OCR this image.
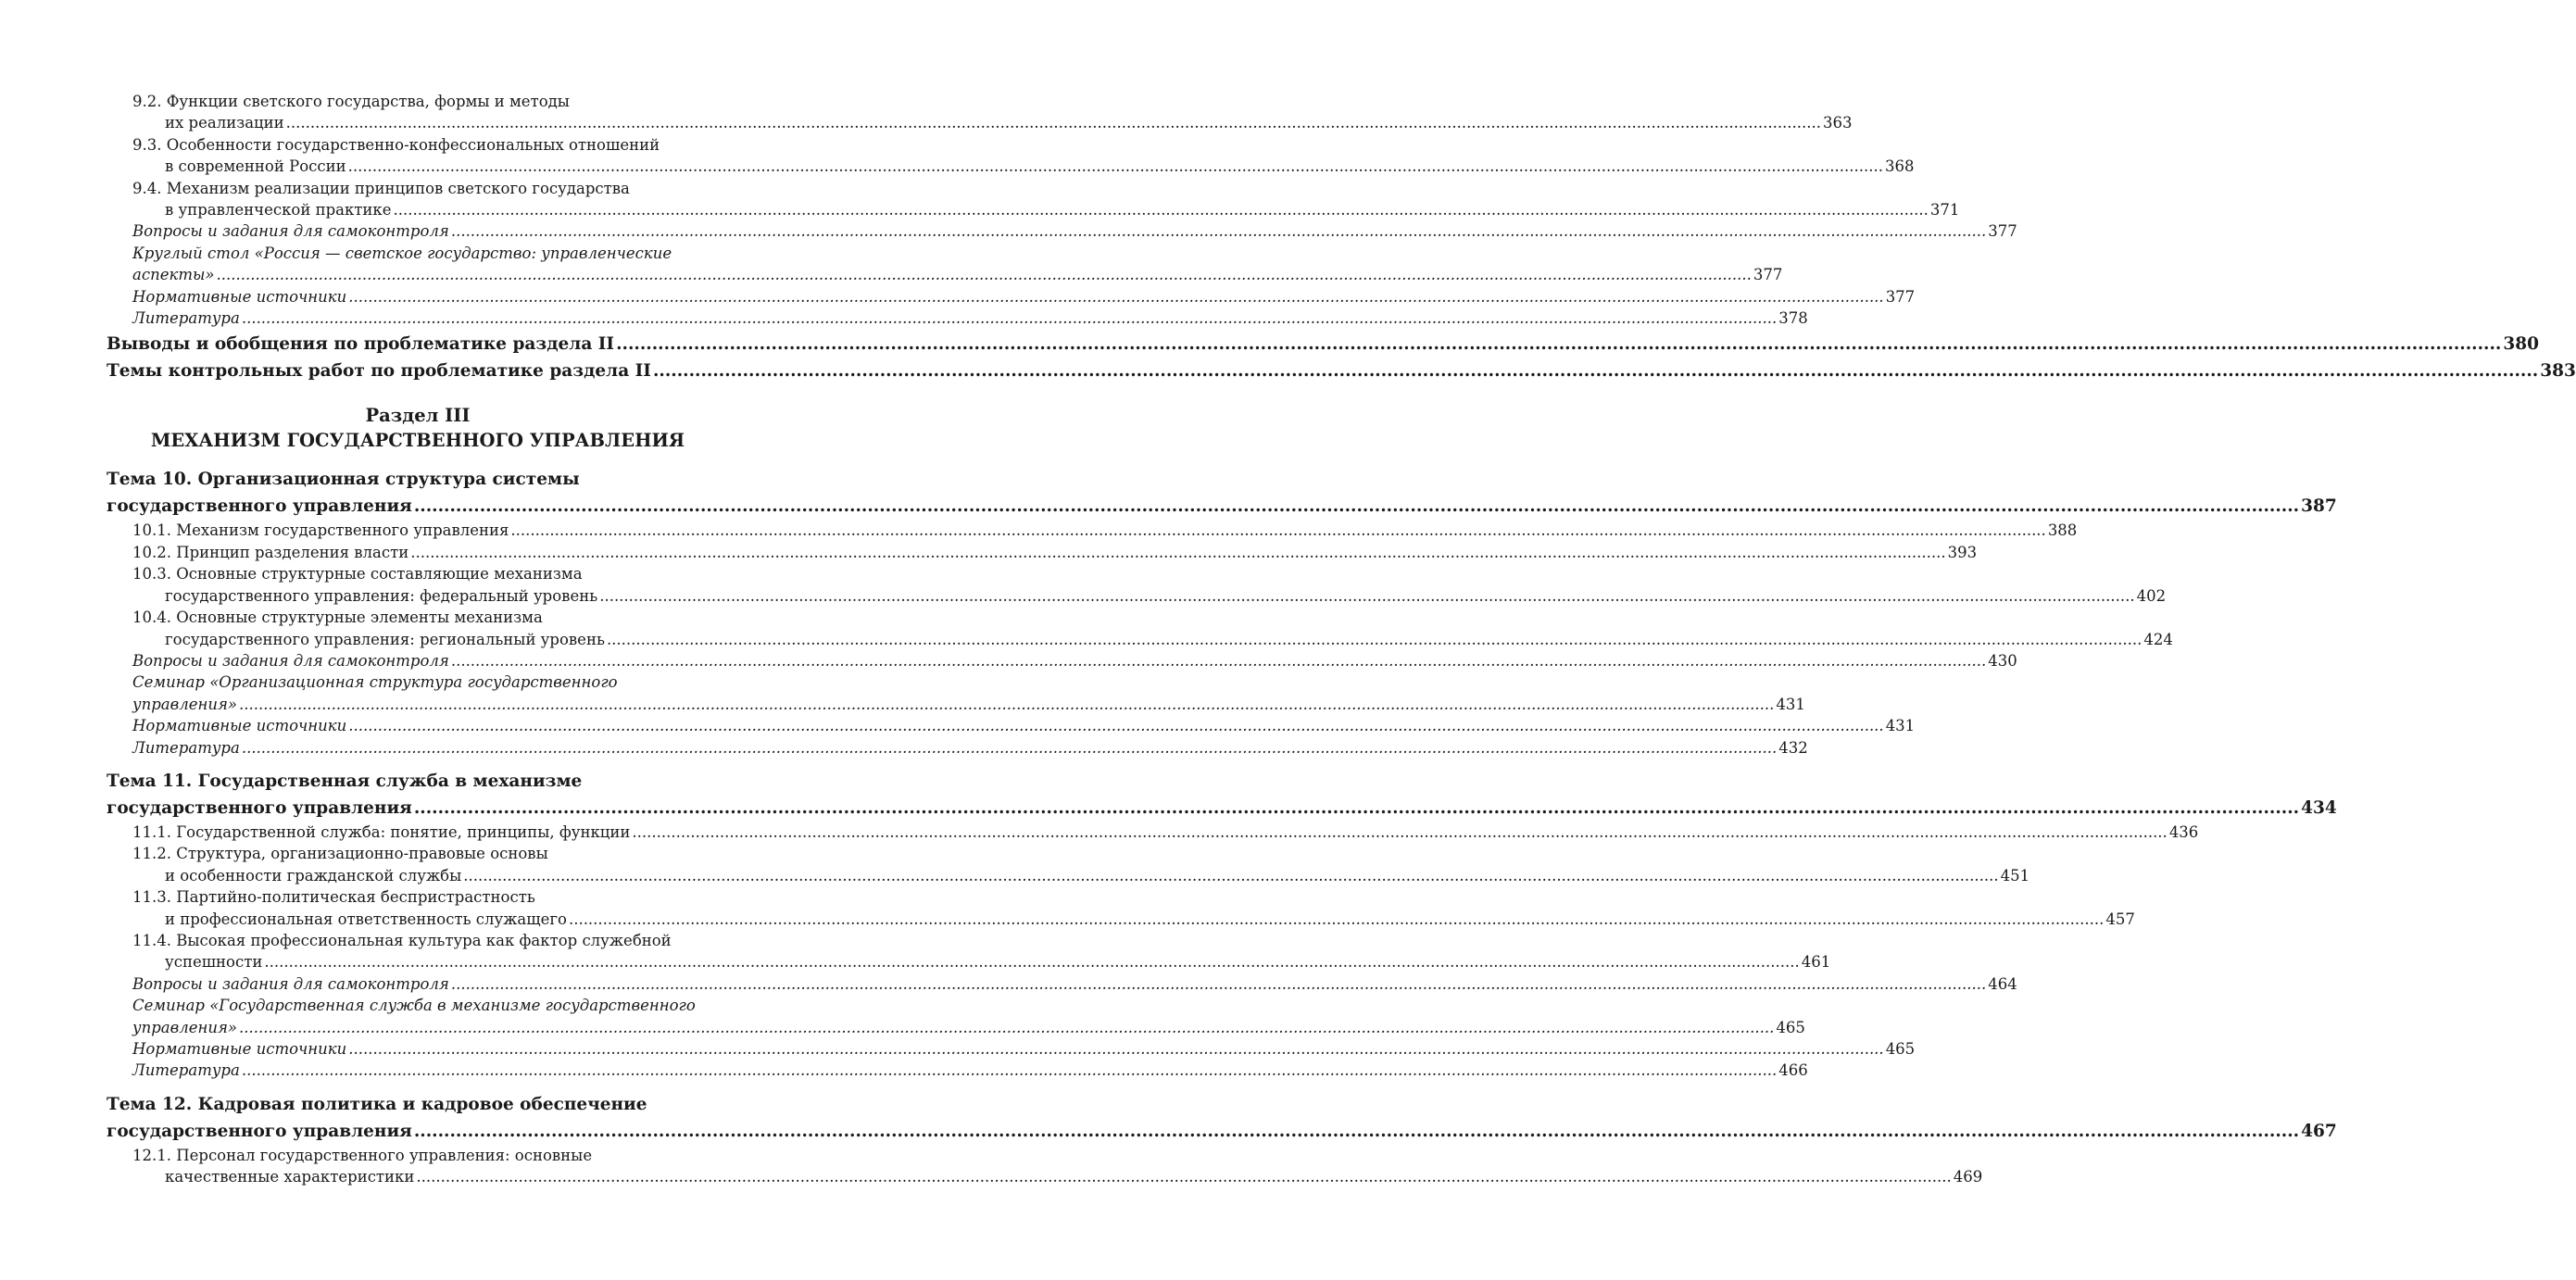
9.2. Функции светского государства, формы и методы
их реализации .....	363
9.3. Особенности государственно-конфессиональных отношений
в современной России .....	368
9.4. Механизм реализации принципов светского государства
в управленческой практике .....	371
Вопросы и задания для самоконтроля .....	377
Круглый стол «Россия — светское государство: управленческие
аспекты» .....	377
Нормативные источники .....	377
Литература .....	378
Выводы и обобщения по проблематике раздела II .....	380
Темы контрольных работ по проблематике раздела II .....	383
Раздел III
МЕХАНИЗМ ГОСУДАРСТВЕННОГО УПРАВЛЕНИЯ
Тема 10. Организационная структура системы
государственного управления .....	387
10.1. Механизм государственного управления .....	388
10.2. Принцип разделения власти .....	393
10.3. Основные структурные составляющие механизма
государственного управления: федеральный уровень .....	402
10.4. Основные структурные элементы механизма
государственного управления: региональный уровень .....	424
Вопросы и задания для самоконтроля .....	430
Семинар «Организационная структура государственного
управления» .....	431
Нормативные источники .....	431
Литература .....	432
Тема 11. Государственная служба в механизме
государственного управления .....	434
11.1. Государственной служба: понятие, принципы, функции .....	436
11.2. Структура, организационно-правовые основы
и особенности гражданской службы .....	451
11.3. Партийно-политическая беспристрастность
и профессиональная ответственность служащего .....	457
11.4. Высокая профессиональная культура как фактор служебной
успешности .....	461
Вопросы и задания для самоконтроля .....	464
Семинар «Государственная служба в механизме государственного
управления» .....	465
Нормативные источники .....	465
Литература .....	466
Тема 12. Кадровая политика и кадровое обеспечение
государственного управления .....	467
12.1. Персонал государственного управления: основные
качественные характеристики .....	469
